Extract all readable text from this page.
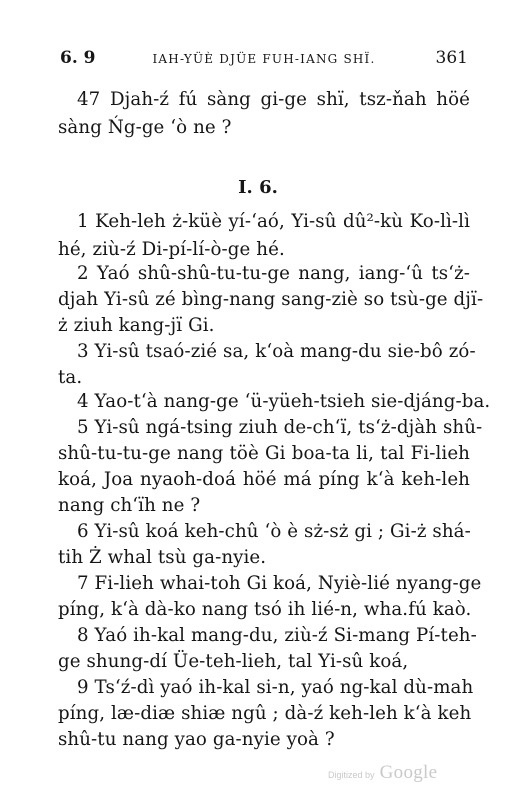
6. 9	IAH-YÜÈ DJÜE FUH-IANG SHÏ.	361
47 Djah-ź fú sàng gi-ge shï, tsz-ňah höé
sàng Ńg-ge ʻò ne ?
I. 6.
1 Keh-leh ż-küè yí-ʻaó, Yi-sû dû²-kù Ko-lì-lì
hé, ziù-ź Di-pí-lí-ò-ge hé.
2 Yaó shû-shû-tu-tu-ge nang, iang-ʻû ts‘ż-
djah Yi-sû zé bìng-nang sang-ziè so tsù-ge djï-
ż ziuh kang-jï Gi.
3 Yi-sû tsaó-zié sa, k‘oà mang-du sie-bô zó-
ta.
4 Yao-t‘à nang-ge ʻü-yüeh-tsieh sie-djáng-ba.
5 Yi-sû ngá-tsing ziuh de-ch‘ï, ts‘ż-djàh shû-
shû-tu-tu-ge nang töè Gi boa-ta li, tal Fi-lieh
koá, Joa nyaoh-doá höé má píng k‘à keh-leh
nang ch‘ïh ne ?
6 Yi-sû koá keh-chû ʻò è sż-sż gi ; Gi-ż shá-
tih Ż whal tsù ga-nyie.
7 Fi-lieh whai-toh Gi koá, Nyiè-lié nyang-ge
píng, k‘à dà-ko nang tsó ih lié-n, wha.fú kaò.
8 Yaó ih-kal mang-du, ziù-ź Si-mang Pí-teh-
ge shung-dí Üe-teh-lieh, tal Yi-sû koá,
9 Ts‘ź-dì yaó ih-kal si-n, yaó ng-kal dù-mah
píng, læ-diæ shiæ ngû ; dà-ź keh-leh k‘à keh
shû-tu nang yao ga-nyie yoà ?
Digitized by Google
